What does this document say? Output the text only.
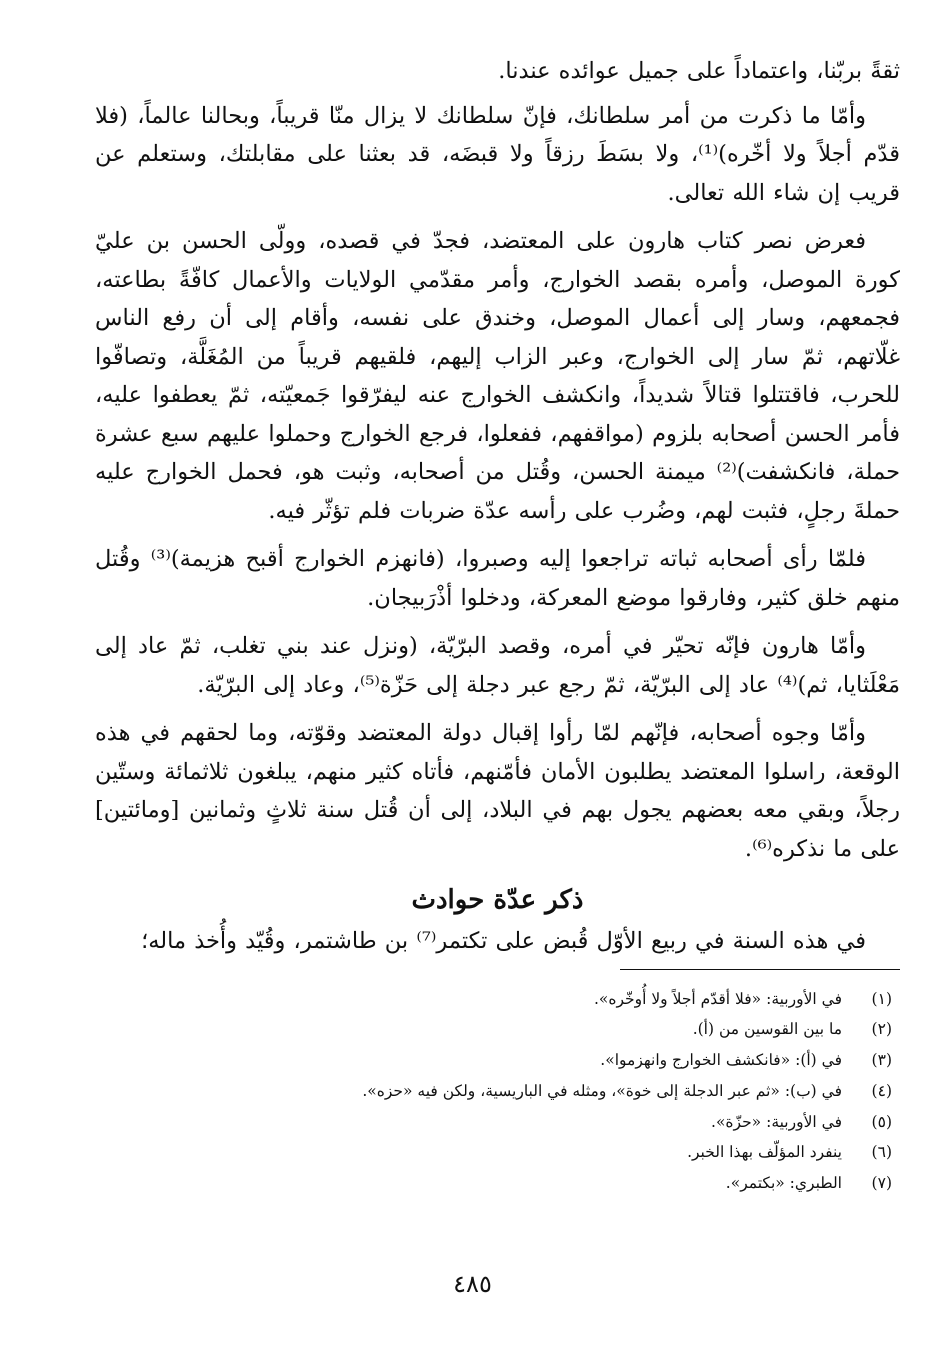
ثقةً بربّنا، واعتماداً على جميل عوائده عندنا.

وأمّا ما ذكرت من أمر سلطانك، فإنّ سلطانك لا يزال منّا قريباً، وبحالنا عالماً، (فلا قدّم أجلاً ولا أخّره)⁽¹⁾، ولا بسَطَ رزقاً ولا قبضَه، قد بعثنا على مقابلتك، وستعلم عن قريب إن شاء الله تعالى.

فعرض نصر كتاب هارون على المعتضد، فجدّ في قصده، وولّى الحسن بن عليّ كورة الموصل، وأمره بقصد الخوارج، وأمر مقدّمي الولايات والأعمال كافّةً بطاعته، فجمعهم، وسار إلى أعمال الموصل، وخندق على نفسه، وأقام إلى أن رفع الناس غلّاتهم، ثمّ سار إلى الخوارج، وعبر الزاب إليهم، فلقيهم قريباً من المُغَلَّة، وتصافّوا للحرب، فاقتتلوا قتالاً شديداً، وانكشف الخوارج عنه ليفرّقوا جَمعيّته، ثمّ يعطفوا عليه، فأمر الحسن أصحابه بلزوم (مواقفهم، ففعلوا، فرجع الخوارج وحملوا عليهم سبع عشرة حملة، فانكشفت)⁽²⁾ ميمنة الحسن، وقُتل من أصحابه، وثبت هو، فحمل الخوارج عليه حملةَ رجلٍ، فثبت لهم، وضُرب على رأسه عدّة ضربات فلم تؤثّر فيه.

فلمّا رأى أصحابه ثباته تراجعوا إليه وصبروا، (فانهزم الخوارج أقبح هزيمة)⁽³⁾ وقُتل منهم خلق كثير، وفارقوا موضع المعركة، ودخلوا أذْرَبيجان.

وأمّا هارون فإنّه تحيّر في أمره، وقصد البرّيّة، (ونزل عند بني تغلب، ثمّ عاد إلى مَعْلَثايا، ثم)⁽⁴⁾ عاد إلى البرّيّة، ثمّ رجع عبر دجلة إلى حَزّة⁽⁵⁾، وعاد إلى البرّيّة.

وأمّا وجوه أصحابه، فإنّهم لمّا رأوا إقبال دولة المعتضد وقوّته، وما لحقهم في هذه الوقعة، راسلوا المعتضد يطلبون الأمان فأمّنهم، فأتاه كثير منهم، يبلغون ثلاثمائة وستّين رجلاً، وبقي معه بعضهم يجول بهم في البلاد، إلى أن قُتل سنة ثلاثٍ وثمانين [ومائتين] على ما نذكره⁽⁶⁾.

ذكر عدّة حوادث

في هذه السنة في ربيع الأوّل قُبض على تكتمر⁽⁷⁾ بن طاشتمر، وقُيّد وأُخذ ماله؛

(١)
في الأوربية: «فلا أقدّم أجلاً ولا أُوخّره».
(٢)
ما بين القوسين من (أ).
(٣)
في (أ): «فانكشف الخوارج وانهزموا».
(٤)
في (ب): «ثم عبر الدجلة إلى خوة»، ومثله في الباريسية، ولكن فيه «حزه».
(٥)
في الأوربية: «حزّة».
(٦)
ينفرد المؤلّف بهذا الخبر.
(٧)
الطبري: «بكتمر».
٤٨٥
